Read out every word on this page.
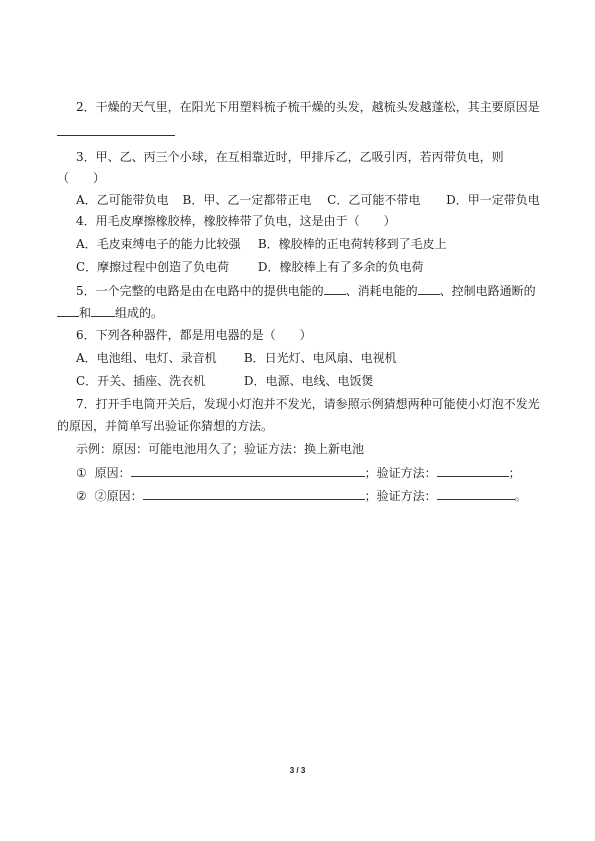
2．干燥的天气里，在阳光下用塑料梳子梳干燥的头发，越梳头发越蓬松，其主要原因是
3．甲、乙、丙三个小球，在互相靠近时，甲排斥乙，乙吸引丙，若丙带负电，则
（　　）
A．乙可能带负电 B．甲、乙一定都带正电 C．乙可能不带电 D．甲一定带负电
4．用毛皮摩擦橡胶棒，橡胶棒带了负电，这是由于（　　）
A．毛皮束缚电子的能力比较强 B．橡胶棒的正电荷转移到了毛皮上
C．摩擦过程中创造了负电荷 D．橡胶棒上有了多余的负电荷
5．一个完整的电路是由在电路中的提供电能的 、消耗电能的 、控制电路通断的
和 组成的。
6．下列各种器件，都是用电器的是（　　）
A．电池组、电灯、录音机 B．日光灯、电风扇、电视机
C．开关、插座、洗衣机	D．电源、电线、电饭煲
7．打开手电筒开关后，发现小灯泡并不发光，请参照示例猜想两种可能使小灯泡不发光
的原因，并简单写出验证你猜想的方法。
示例：原因：可能电池用久了；验证方法：换上新电池
① 原因：	；验证方法：	；
② ②原因：	；验证方法：	。
3 / 3
